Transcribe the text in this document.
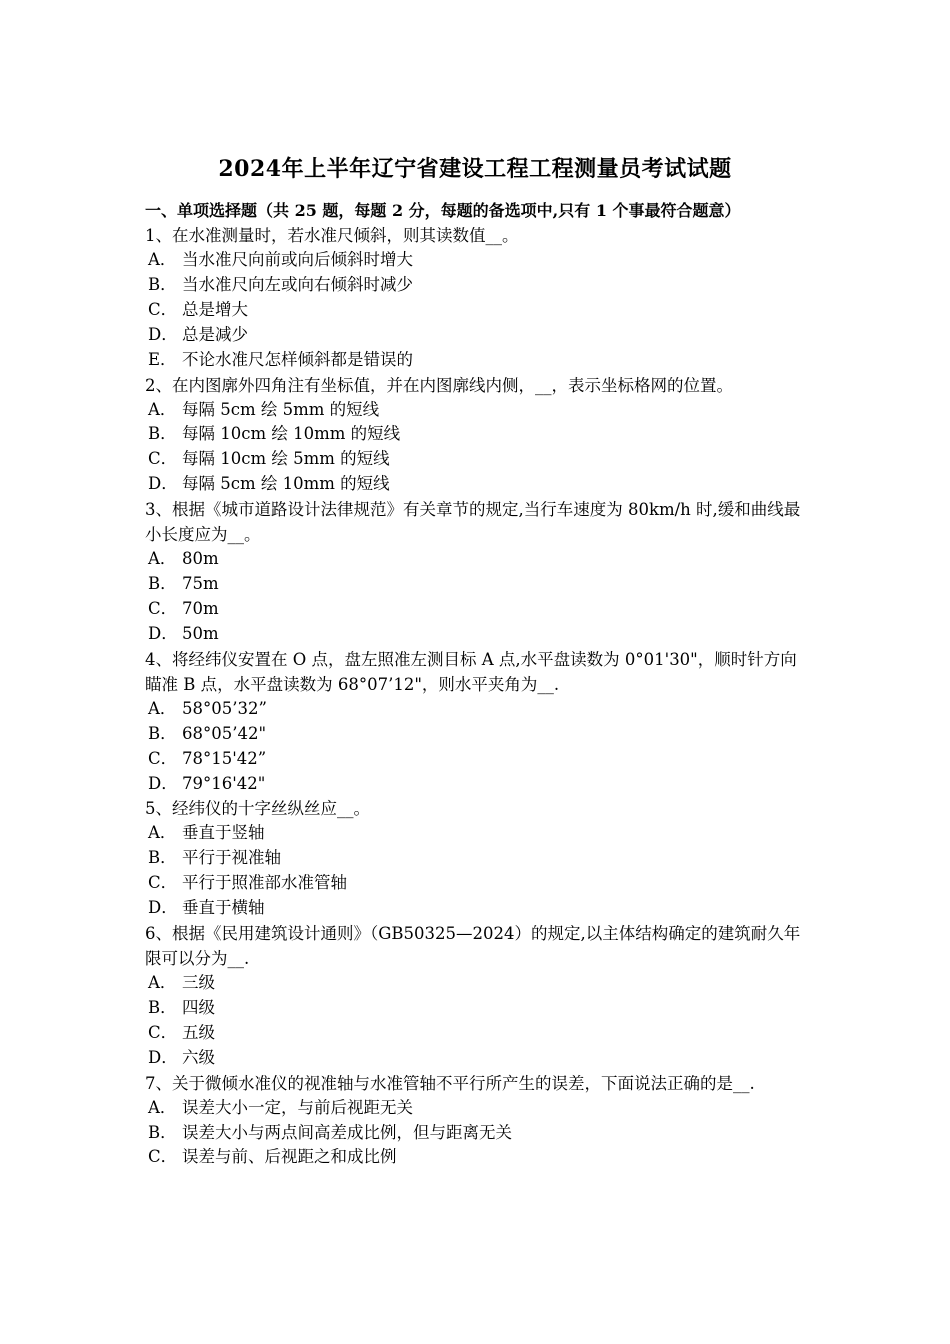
2024年上半年辽宁省建设工程工程测量员考试试题
一、单项选择题（共 25 题，每题 2 分，每题的备选项中,只有 1 个事最符合题意）
1、在水准测量时，若水准尺倾斜，则其读数值__。
A． 当水准尺向前或向后倾斜时增大
B． 当水准尺向左或向右倾斜时减少
C． 总是增大
D． 总是减少
E． 不论水准尺怎样倾斜都是错误的
2、在内图廓外四角注有坐标值，并在内图廓线内侧，__，表示坐标格网的位置。
A． 每隔 5cm 绘 5mm 的短线
B． 每隔 10cm 绘 10mm 的短线
C． 每隔 10cm 绘 5mm 的短线
D． 每隔 5cm 绘 10mm 的短线
3、根据《城市道路设计法律规范》有关章节的规定,当行车速度为 80km/h 时,缓和曲线最小长度应为__。
A． 80m
B． 75m
C． 70m
D． 50m
4、将经纬仪安置在 O 点，盘左照准左测目标 A 点,水平盘读数为 0°01'30"，顺时针方向瞄准 B 点，水平盘读数为 68°07’12"，则水平夹角为__.
A． 58°05’32”
B． 68°05’42"
C． 78°15'42”
D． 79°16'42"
5、经纬仪的十字丝纵丝应__。
A． 垂直于竖轴
B． 平行于视准轴
C． 平行于照准部水准管轴
D． 垂直于横轴
6、根据《民用建筑设计通则》（GB50325—2024）的规定,以主体结构确定的建筑耐久年限可以分为__.
A． 三级
B． 四级
C． 五级
D． 六级
7、关于微倾水准仪的视准轴与水准管轴不平行所产生的误差，下面说法正确的是__.
A． 误差大小一定，与前后视距无关
B． 误差大小与两点间高差成比例，但与距离无关
C． 误差与前、后视距之和成比例
